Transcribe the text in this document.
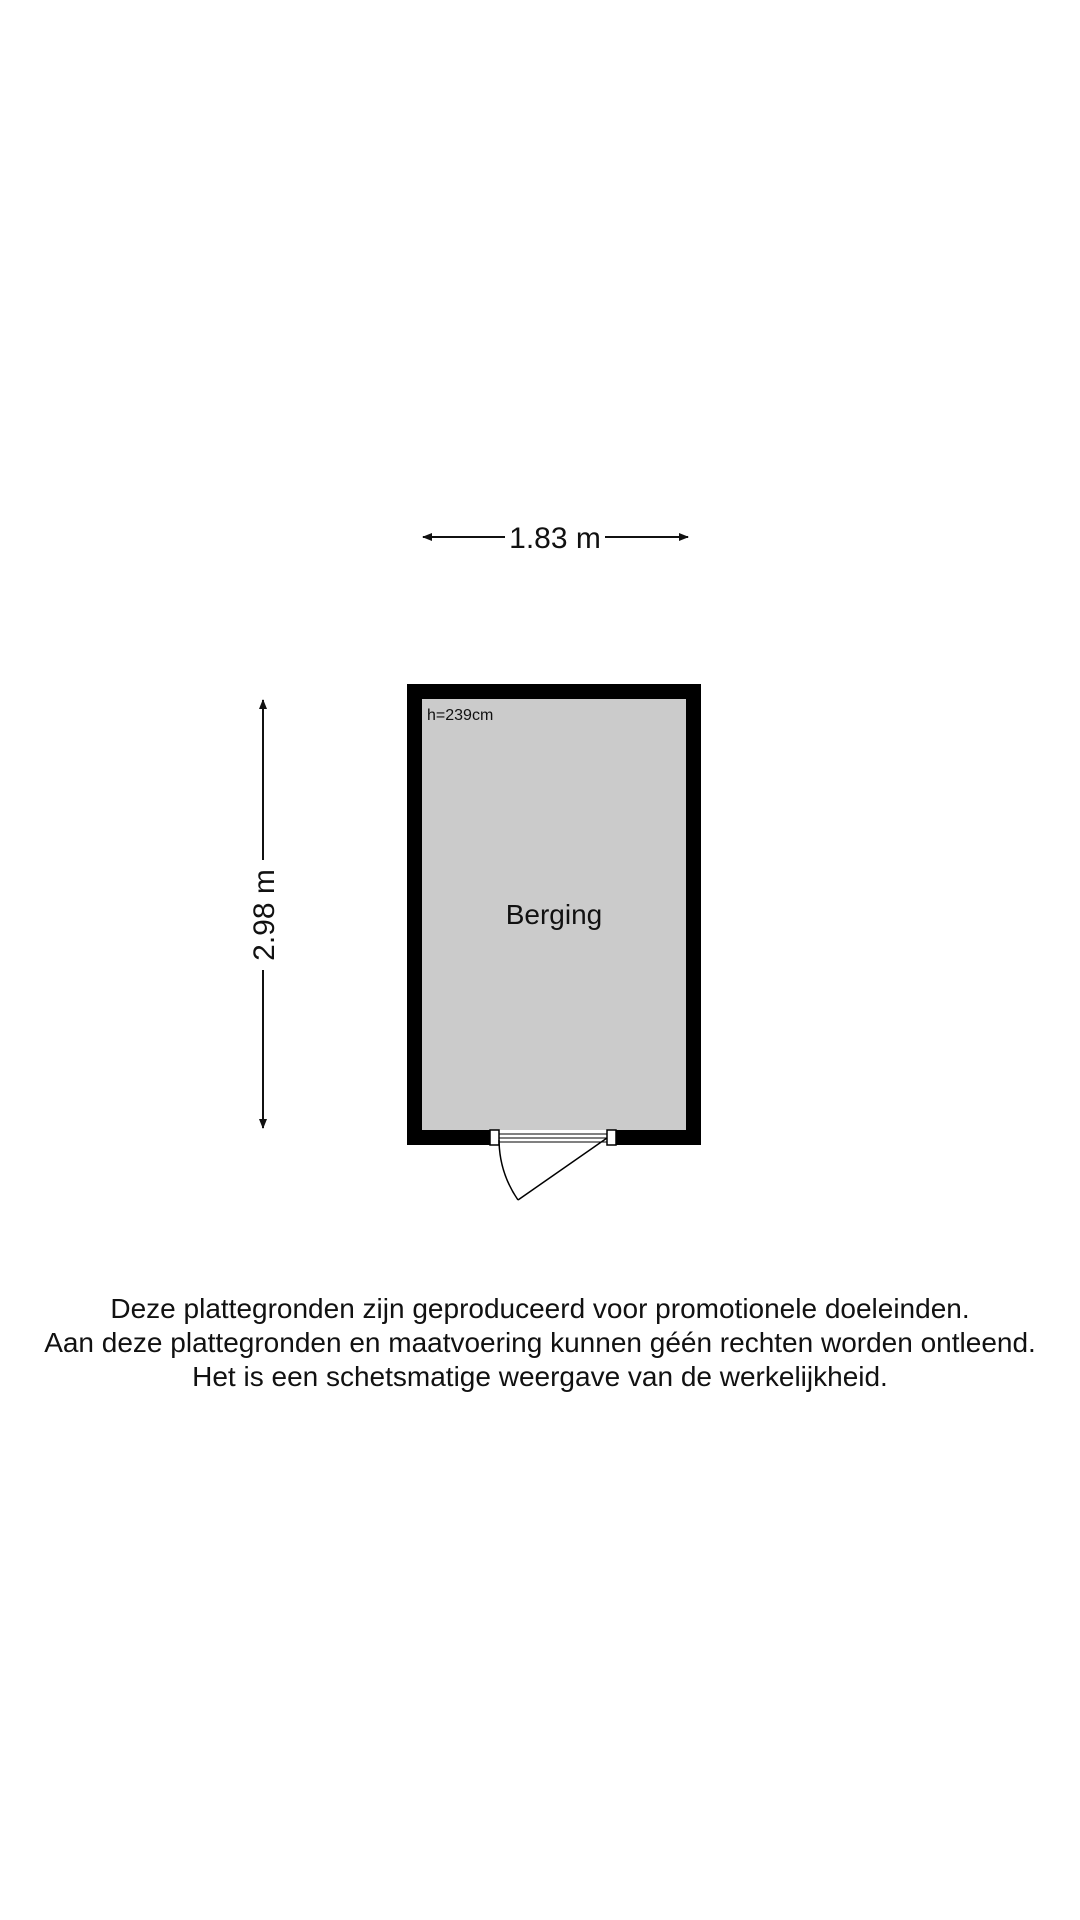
1.83 m
2.98 m
h=239cm
Berging
Deze plattegronden zijn geproduceerd voor promotionele doeleinden.
Aan deze plattegronden en maatvoering kunnen géén rechten worden ontleend.
Het is een schetsmatige weergave van de werkelijkheid.
